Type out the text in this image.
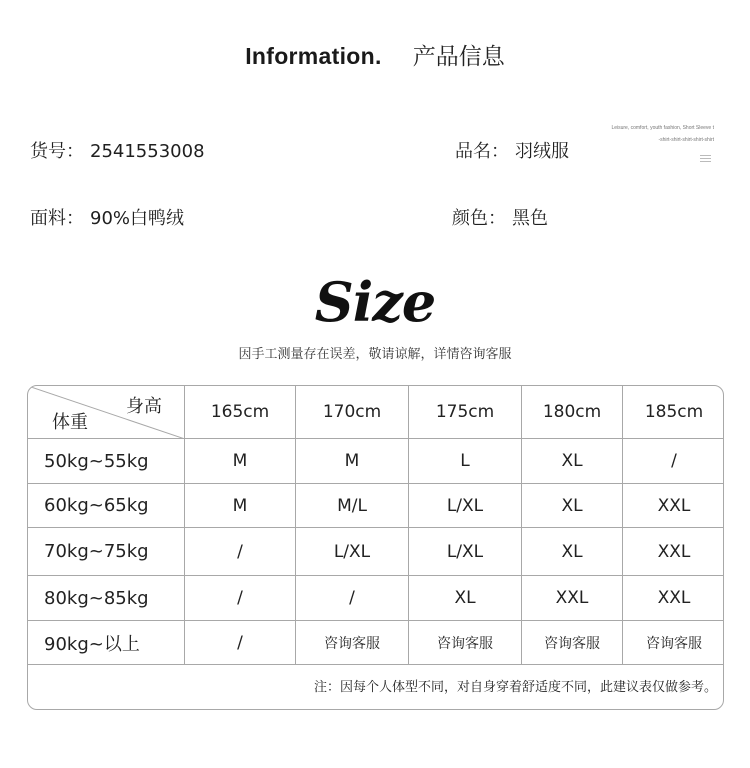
Information. 产品信息
货号： 2541553008	品名： 羽绒服
面料： 90%白鸭绒	颜色： 黑色
Leisure, comfort, youth fashion, Short Sleeve t
-shirt-shirt-shirt-shirt-shirt
Size
因手工测量存在误差，敬请谅解，详情咨询客服
身高
体重	165cm	170cm	175cm	180cm	185cm
50kg~55kg	M	M	L	XL	/
60kg~65kg	M	M/L	L/XL	XL	XXL
70kg~75kg	/	L/XL	L/XL	XL	XXL
80kg~85kg	/	/	XL	XXL	XXL
90kg~以上	/	咨询客服	咨询客服	咨询客服	咨询客服
注：因每个人体型不同，对自身穿着舒适度不同，此建议表仅做参考。
